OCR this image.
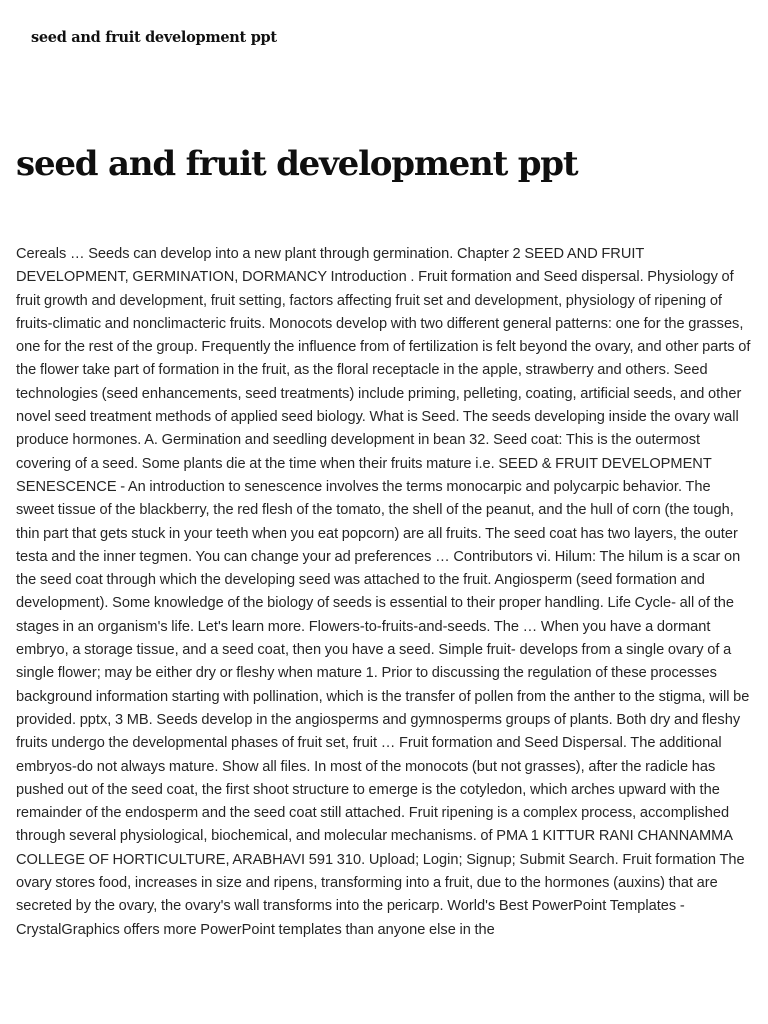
seed and fruit development ppt
seed and fruit development ppt

Cereals … Seeds can develop into a new plant through germination. Chapter 2 SEED AND FRUIT DEVELOPMENT, GERMINATION, DORMANCY Introduction . Fruit formation and Seed dispersal. Physiology of fruit growth and development, fruit setting, factors affecting fruit set and development, physiology of ripening of fruits-climatic and nonclimacteric fruits. Monocots develop with two different general patterns: one for the grasses, one for the rest of the group. Frequently the influence from of fertilization is felt beyond the ovary, and other parts of the flower take part of formation in the fruit, as the floral receptacle in the apple, strawberry and others. Seed technologies (seed enhancements, seed treatments) include priming, pelleting, coating, artificial seeds, and other novel seed treatment methods of applied seed biology. What is Seed. The seeds developing inside the ovary wall produce hormones. A. Germination and seedling development in bean 32. Seed coat: This is the outermost covering of a seed. Some plants die at the time when their fruits mature i.e. SEED & FRUIT DEVELOPMENT SENESCENCE - An introduction to senescence involves the terms monocarpic and polycarpic behavior. The sweet tissue of the blackberry, the red flesh of the tomato, the shell of the peanut, and the hull of corn (the tough, thin part that gets stuck in your teeth when you eat popcorn) are all fruits. The seed coat has two layers, the outer testa and the inner tegmen. You can change your ad preferences … Contributors vi. Hilum: The hilum is a scar on the seed coat through which the developing seed was attached to the fruit. Angiosperm (seed formation and development). Some knowledge of the biology of seeds is essential to their proper handling. Life Cycle- all of the stages in an organism's life. Let's learn more. Flowers-to-fruits-and-seeds. The … When you have a dormant embryo, a storage tissue, and a seed coat, then you have a seed. Simple fruit- develops from a single ovary of a single flower; may be either dry or fleshy when mature 1. Prior to discussing the regulation of these processes background information starting with pollination, which is the transfer of pollen from the anther to the stigma, will be provided. pptx, 3 MB. Seeds develop in the angiosperms and gymnosperms groups of plants. Both dry and fleshy fruits undergo the developmental phases of fruit set, fruit … Fruit formation and Seed Dispersal. The additional embryos-do not always mature. Show all files. In most of the monocots (but not grasses), after the radicle has pushed out of the seed coat, the first shoot structure to emerge is the cotyledon, which arches upward with the remainder of the endosperm and the seed coat still attached. Fruit ripening is a complex process, accomplished through several physiological, biochemical, and molecular mechanisms. of PMA 1 KITTUR RANI CHANNAMMA COLLEGE OF HORTICULTURE, ARABHAVI 591 310. Upload; Login; Signup; Submit Search. Fruit formation The ovary stores food, increases in size and ripens, transforming into a fruit, due to the hormones (auxins) that are secreted by the ovary, the ovary's wall transforms into the pericarp. World's Best PowerPoint Templates - CrystalGraphics offers more PowerPoint templates than anyone else in the
